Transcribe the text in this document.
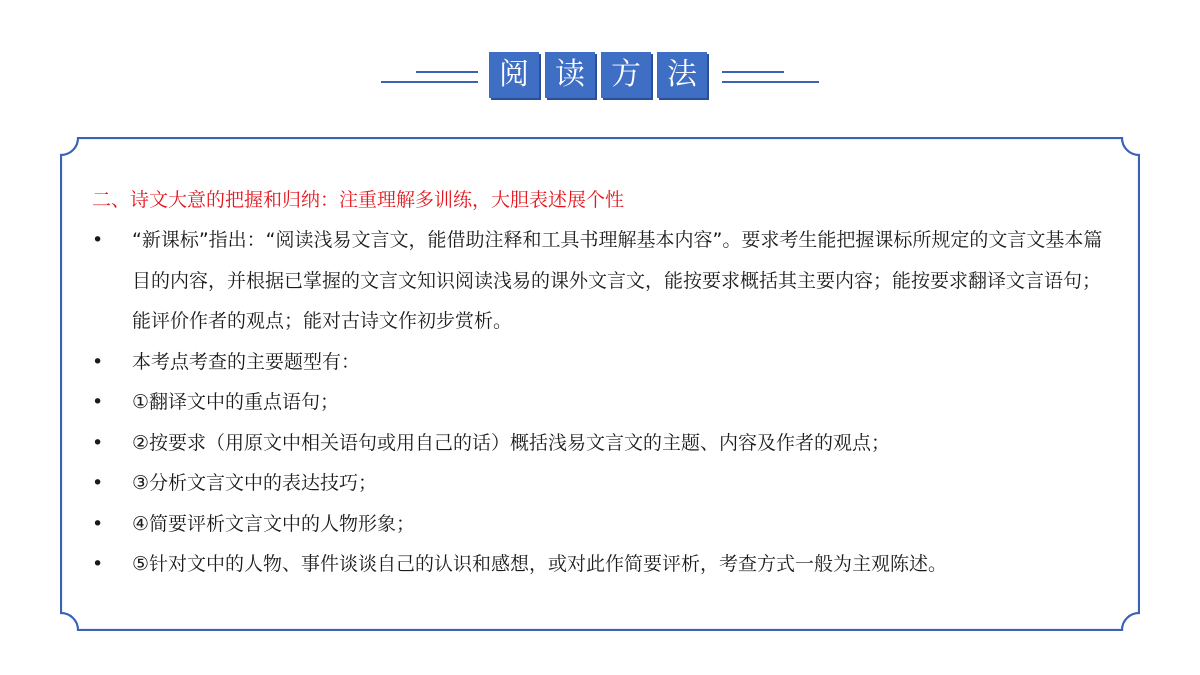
阅 读 方 法
二、诗文大意的把握和归纳：注重理解多训练，大胆表述展个性
• “新课标”指出：“阅读浅易文言文，能借助注释和工具书理解基本内容”。要求考生能把握课标所规定的文言文基本篇目的内容，并根据已掌握的文言文知识阅读浅易的课外文言文，能按要求概括其主要内容；能按要求翻译文言语句；能评价作者的观点；能对古诗文作初步赏析。
• 本考点考查的主要题型有：
• ①翻译文中的重点语句；
• ②按要求（用原文中相关语句或用自己的话）概括浅易文言文的主题、内容及作者的观点；
• ③分析文言文中的表达技巧；
• ④简要评析文言文中的人物形象；
• ⑤针对文中的人物、事件谈谈自己的认识和感想，或对此作简要评析，考查方式一般为主观陈述。
